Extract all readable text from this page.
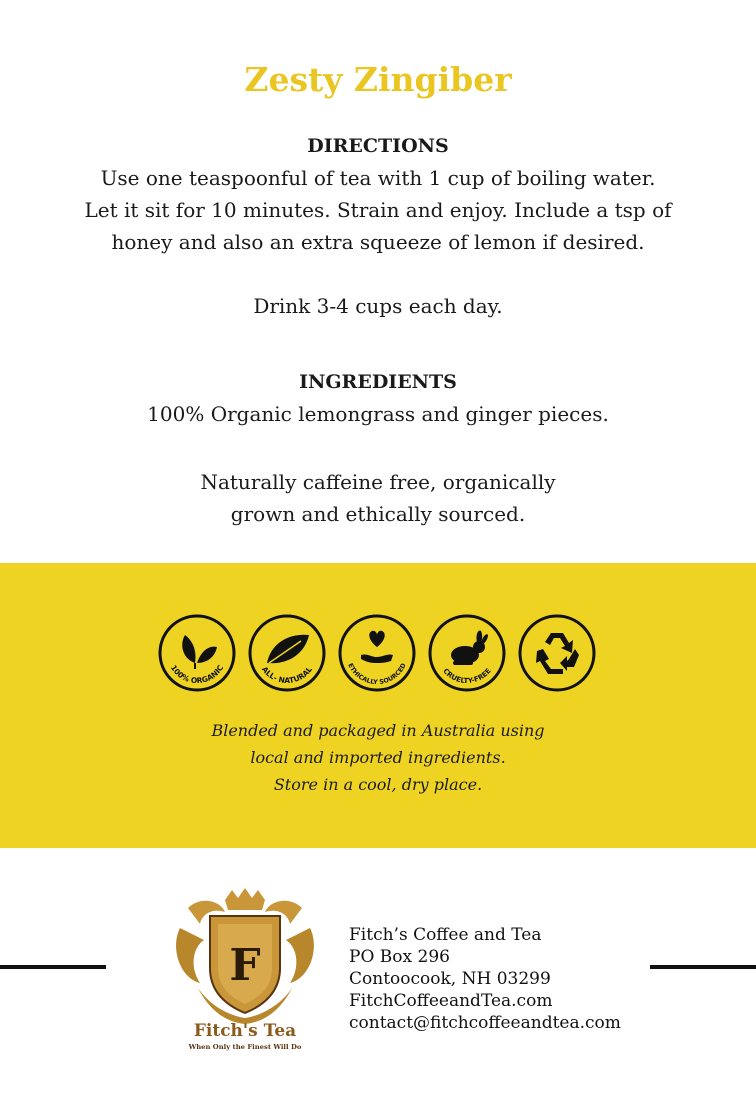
Zesty Zingiber
DIRECTIONS

Use one teaspoonful of tea with 1 cup of boiling water.

Let it sit for 10 minutes. Strain and enjoy. Include a tsp of

honey and also an extra squeeze of lemon if desired.

Drink 3-4 cups each day.

INGREDIENTS

100% Organic lemongrass and ginger pieces.

Naturally caffeine free, organically

grown and ethically sourced.

100% ORGANIC	ALL- NATURAL	ETHICALLY SOURCED
CRUELTY-FREE
Blended and packaged in Australia using
local and imported ingredients.
Store in a cool, dry place.
F
Fitch's Tea
When Only the Finest Will Do
Fitch’s Coffee and Tea
PO Box 296
Contoocook, NH 03299
FitchCoffeeandTea.com
contact@fitchcoffeeandtea.com
